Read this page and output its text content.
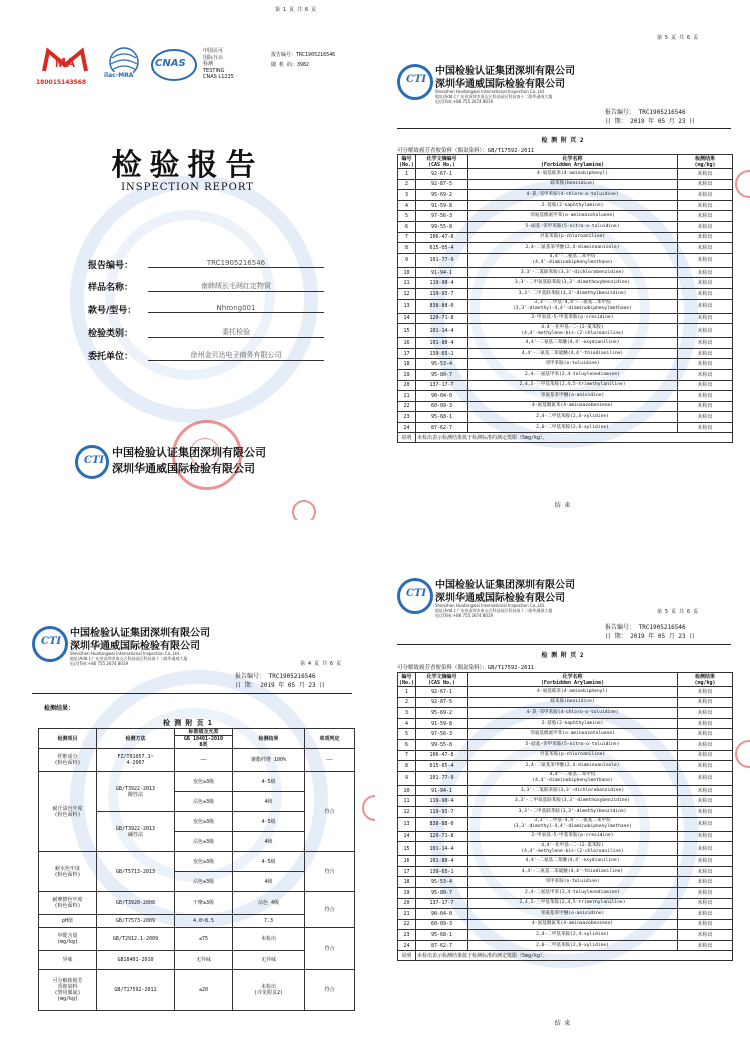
第 1 页 共 6 页
MA
180015143568
ilac-MRA
CNAS
中国认可
国际互认
检测
TESTING
CNAS L1225
报告编号：TRC1905216546
随 机 码：3982
检验报告
INSPECTION REPORT
报告编号：	TRC1905216546
样品名称：	南韩绒长毛网红定物窝
款号/型号：	Nhrong001
检验类别：	委托检验
委托单位：	徐州金贝达电子商务有限公司
CTI
中国检验认证集团深圳有限公司
深圳华通威国际检验有限公司
第 5 页 共 6 页
CTI
中国检验认证集团深圳有限公司
深圳华通威国际检验有限公司
Shenzhen Huatongwei International Inspection Co.,Ltd.
地址(Add.):广东省深圳市南山区科技园区科技南十二路华通威大厦
电话(Tel):+86 755 2674 8019
报告编号： TRC1905216546
日 期： 2019 年 05 月 23 日
检 测 附 页 2
可分解致癌芳香胺染料（偶氮染料）：GB/T17592-2011
编号
(No.)	化学文摘编号
(CAS No.)	化学名称
(Forbidden Arylamine)	检测结果
(mg/kg)
1	92-67-1	4-氨基联苯(4-aminobiphenyl)	未检出
2	92-87-5	联苯胺(benzidine)	未检出
3	95-69-2	4-氯-邻甲苯胺(4-chloro-o-toluidine)	未检出
4	91-59-8	2-萘胺(2-naphthylamine)	未检出
5	97-56-3	邻氨基偶氮甲苯(o-aminoazotoluene)	未检出
6	99-55-8	5-硝基-邻甲苯胺(5-nitro-o-toluidine)	未检出
7	106-47-8	对氯苯胺(p-chloroaniline)	未检出
8	615-05-4	2,4-二氨基苯甲醚(2,4-diaminoanisole)	未检出
9	101-77-9	4,4'-二氨基二苯甲烷
(4,4'-diaminobiphenylmethane)	未检出
10	91-94-1	3,3'-二氯联苯胺(3,3'-dichlorobenzidine)	未检出
11	119-90-4	3,3'-二甲氧基联苯胺(3,3'-dimethoxybenzidine)	未检出
12	119-93-7	3,3'-二甲基联苯胺(3,3'-dimethylbenzidine)	未检出
13	838-88-0	3,3'-二甲基-4,4'-二氨基二苯甲烷
(3,3'-dimethyl-4,4'-diaminobiphenylmethane)	未检出
14	120-71-8	2-甲氧基-5-甲基苯胺(p-cresidine)	未检出
15	101-14-4	4,4'-亚甲基-二-(2-氯苯胺)
(4,4'-methylene-bis-(2-chloroaniline)	未检出
16	101-80-4	4,4'-二氨基二苯醚(4,4'-oxydianiline)	未检出
17	139-65-1	4,4'-二氨基二苯硫醚(4,4'-thiodianiline)	未检出
18	95-53-4	邻甲苯胺(o-toluidine)	未检出
19	95-80-7	2,4-二氨基甲苯(2,4-toluylenediamine)	未检出
20	137-17-7	2,4,5-三甲基苯胺(2,4,5-trimethylaniline)	未检出
21	90-04-0	邻氨基苯甲醚(o-anisidine)	未检出
22	60-09-3	4-氨基偶氮苯(4-aminoazobenzene)	未检出
23	95-68-1	2,4-二甲基苯胺(2,4-xylidine)	未检出
24	87-62-7	2,6-二甲基苯胺(2,6-xylidine)	未检出
说明	未检出表示检测结果低于检测标准的测定低限（5mg/kg）。		
结 束
第 4 页 共 6 页
CTI
中国检验认证集团深圳有限公司
深圳华通威国际检验有限公司
Shenzhen Huatongwei International Inspection Co.,Ltd.
地址(Add.):广东省深圳市南山区科技园区科技南十二路华通威大厦
电话(Tel):+86 755 2674 8019
报告编号： TRC1905216546
日 期： 2019 年 05 月 23 日
检测结果：
检 测 附 页 1
检测项目	检测方法	标准值及允差	检测结果	单项判定
		GB 18401-2010
B类		
纤维成分
(粉色面料)	FZ/T01057.1~
4-2007	——	聚酯纤维 100%	——
耐汗渍色牢度
(粉色面料)	GB/T3922-2013
酸性法	变色≥3级	4-5级	符合
		沾色≥3级	4级	
	GB/T3922-2013
碱性法	变色≥3级	4-5级	
		沾色≥3级	4级	
耐水色牢度
(粉色面料)	GB/T5713-2013	变色≥3级	4-5级	符合
		沾色≥3级	4级	
耐摩擦色牢度
(粉色面料)	GB/T3920-2008	干摩≥3级	沾色 4级	符合
pH值	GB/T7573-2009	4.0~8.5	7.3	
甲醛含量
(mg/kg)	GB/T2912.1-2009	≤75	未检出	符合
异味	GB18401-2010	无异味	无异味	
可分解致癌芳
香胺染料
(禁用偶氮)
(mg/kg)	GB/T17592-2011	≤20	未检出
(详见附页2)	符合
第 5 页 共 6 页
CTI
中国检验认证集团深圳有限公司
深圳华通威国际检验有限公司
Shenzhen Huatongwei International Inspection Co.,Ltd.
地址(Add.):广东省深圳市南山区科技园区科技南十二路华通威大厦
电话(Tel):+86 755 2674 8019
报告编号： TRC1905216546
日 期： 2019 年 05 月 23 日
检 测 附 页 2
可分解致癌芳香胺染料（偶氮染料）：GB/T17592-2011
编号
(No.)	化学文摘编号
(CAS No.)	化学名称
(Forbidden Arylamine)	检测结果
(mg/kg)
1	92-67-1	4-氨基联苯(4-aminobiphenyl)	未检出
2	92-87-5	联苯胺(benzidine)	未检出
3	95-69-2	4-氯-邻甲苯胺(4-chloro-o-toluidine)	未检出
4	91-59-8	2-萘胺(2-naphthylamine)	未检出
5	97-56-3	邻氨基偶氮甲苯(o-aminoazotoluene)	未检出
6	99-55-8	5-硝基-邻甲苯胺(5-nitro-o-toluidine)	未检出
7	106-47-8	对氯苯胺(p-chloroaniline)	未检出
8	615-05-4	2,4-二氨基苯甲醚(2,4-diaminoanisole)	未检出
9	101-77-9	4,4'-二氨基二苯甲烷
(4,4'-diaminobiphenylmethane)	未检出
10	91-94-1	3,3'-二氯联苯胺(3,3'-dichlorobenzidine)	未检出
11	119-90-4	3,3'-二甲氧基联苯胺(3,3'-dimethoxybenzidine)	未检出
12	119-93-7	3,3'-二甲基联苯胺(3,3'-dimethylbenzidine)	未检出
13	838-88-0	3,3'-二甲基-4,4'-二氨基二苯甲烷
(3,3'-dimethyl-4,4'-diaminobiphenylmethane)	未检出
14	120-71-8	2-甲氧基-5-甲基苯胺(p-cresidine)	未检出
15	101-14-4	4,4'-亚甲基-二-(2-氯苯胺)
(4,4'-methylene-bis-(2-chloroaniline)	未检出
16	101-80-4	4,4'-二氨基二苯醚(4,4'-oxydianiline)	未检出
17	139-65-1	4,4'-二氨基二苯硫醚(4,4'-thiodianiline)	未检出
18	95-53-4	邻甲苯胺(o-toluidine)	未检出
19	95-80-7	2,4-二氨基甲苯(2,4-toluylenediamine)	未检出
20	137-17-7	2,4,5-三甲基苯胺(2,4,5-trimethylaniline)	未检出
21	90-04-0	邻氨基苯甲醚(o-anisidine)	未检出
22	60-09-3	4-氨基偶氮苯(4-aminoazobenzene)	未检出
23	95-68-1	2,4-二甲基苯胺(2,4-xylidine)	未检出
24	87-62-7	2,6-二甲基苯胺(2,6-xylidine)	未检出
说明	未检出表示检测结果低于检测标准的测定低限（5mg/kg）。		
结 束
